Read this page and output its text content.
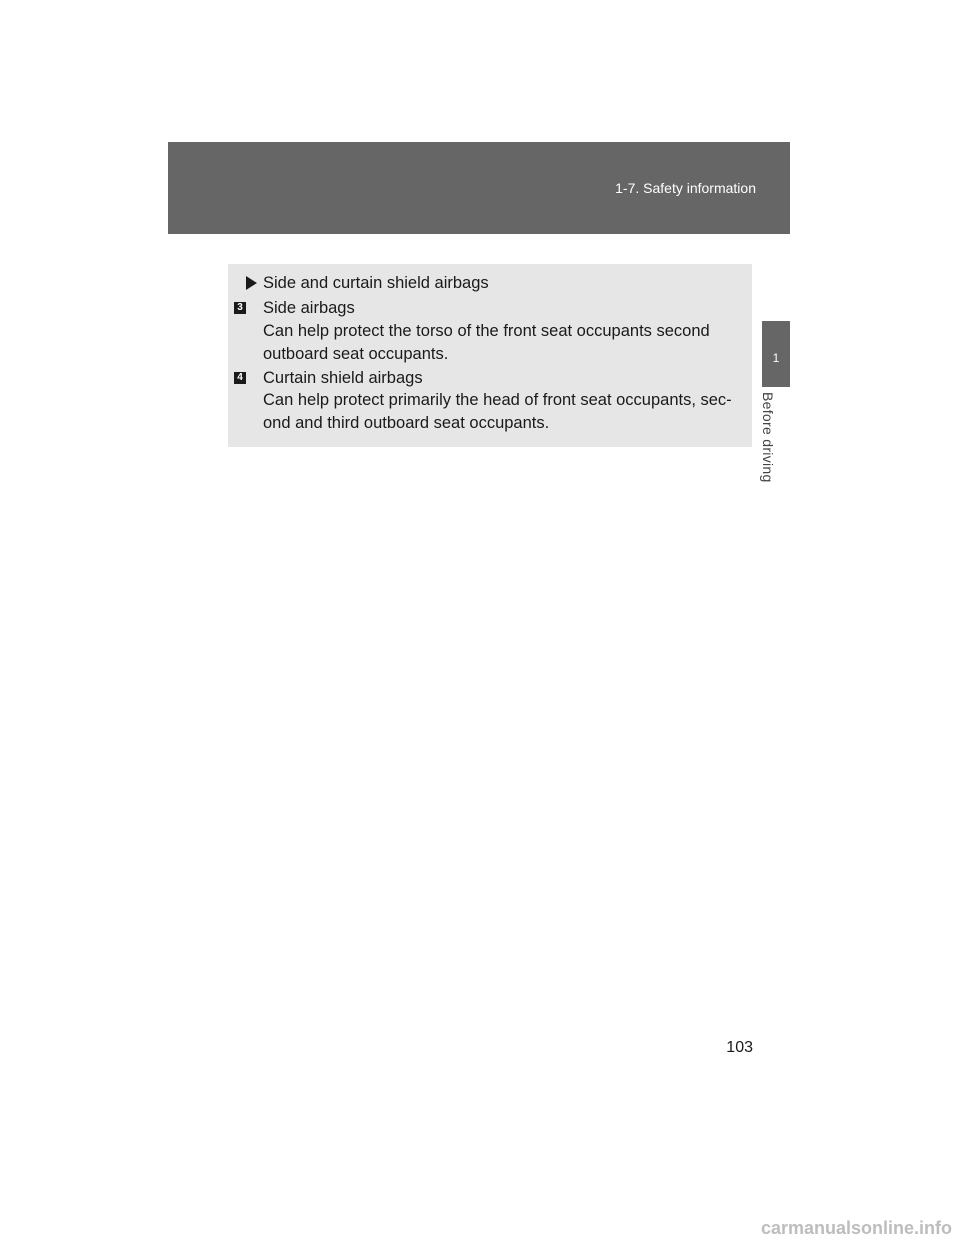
1-7. Safety information
1
Before driving
Side and curtain shield airbags
3 Side airbags
Can help protect the torso of the front seat occupants second
outboard seat occupants.
4 Curtain shield airbags
Can help protect primarily the head of front seat occupants, sec-
ond and third outboard seat occupants.
103
carmanualsonline.info
